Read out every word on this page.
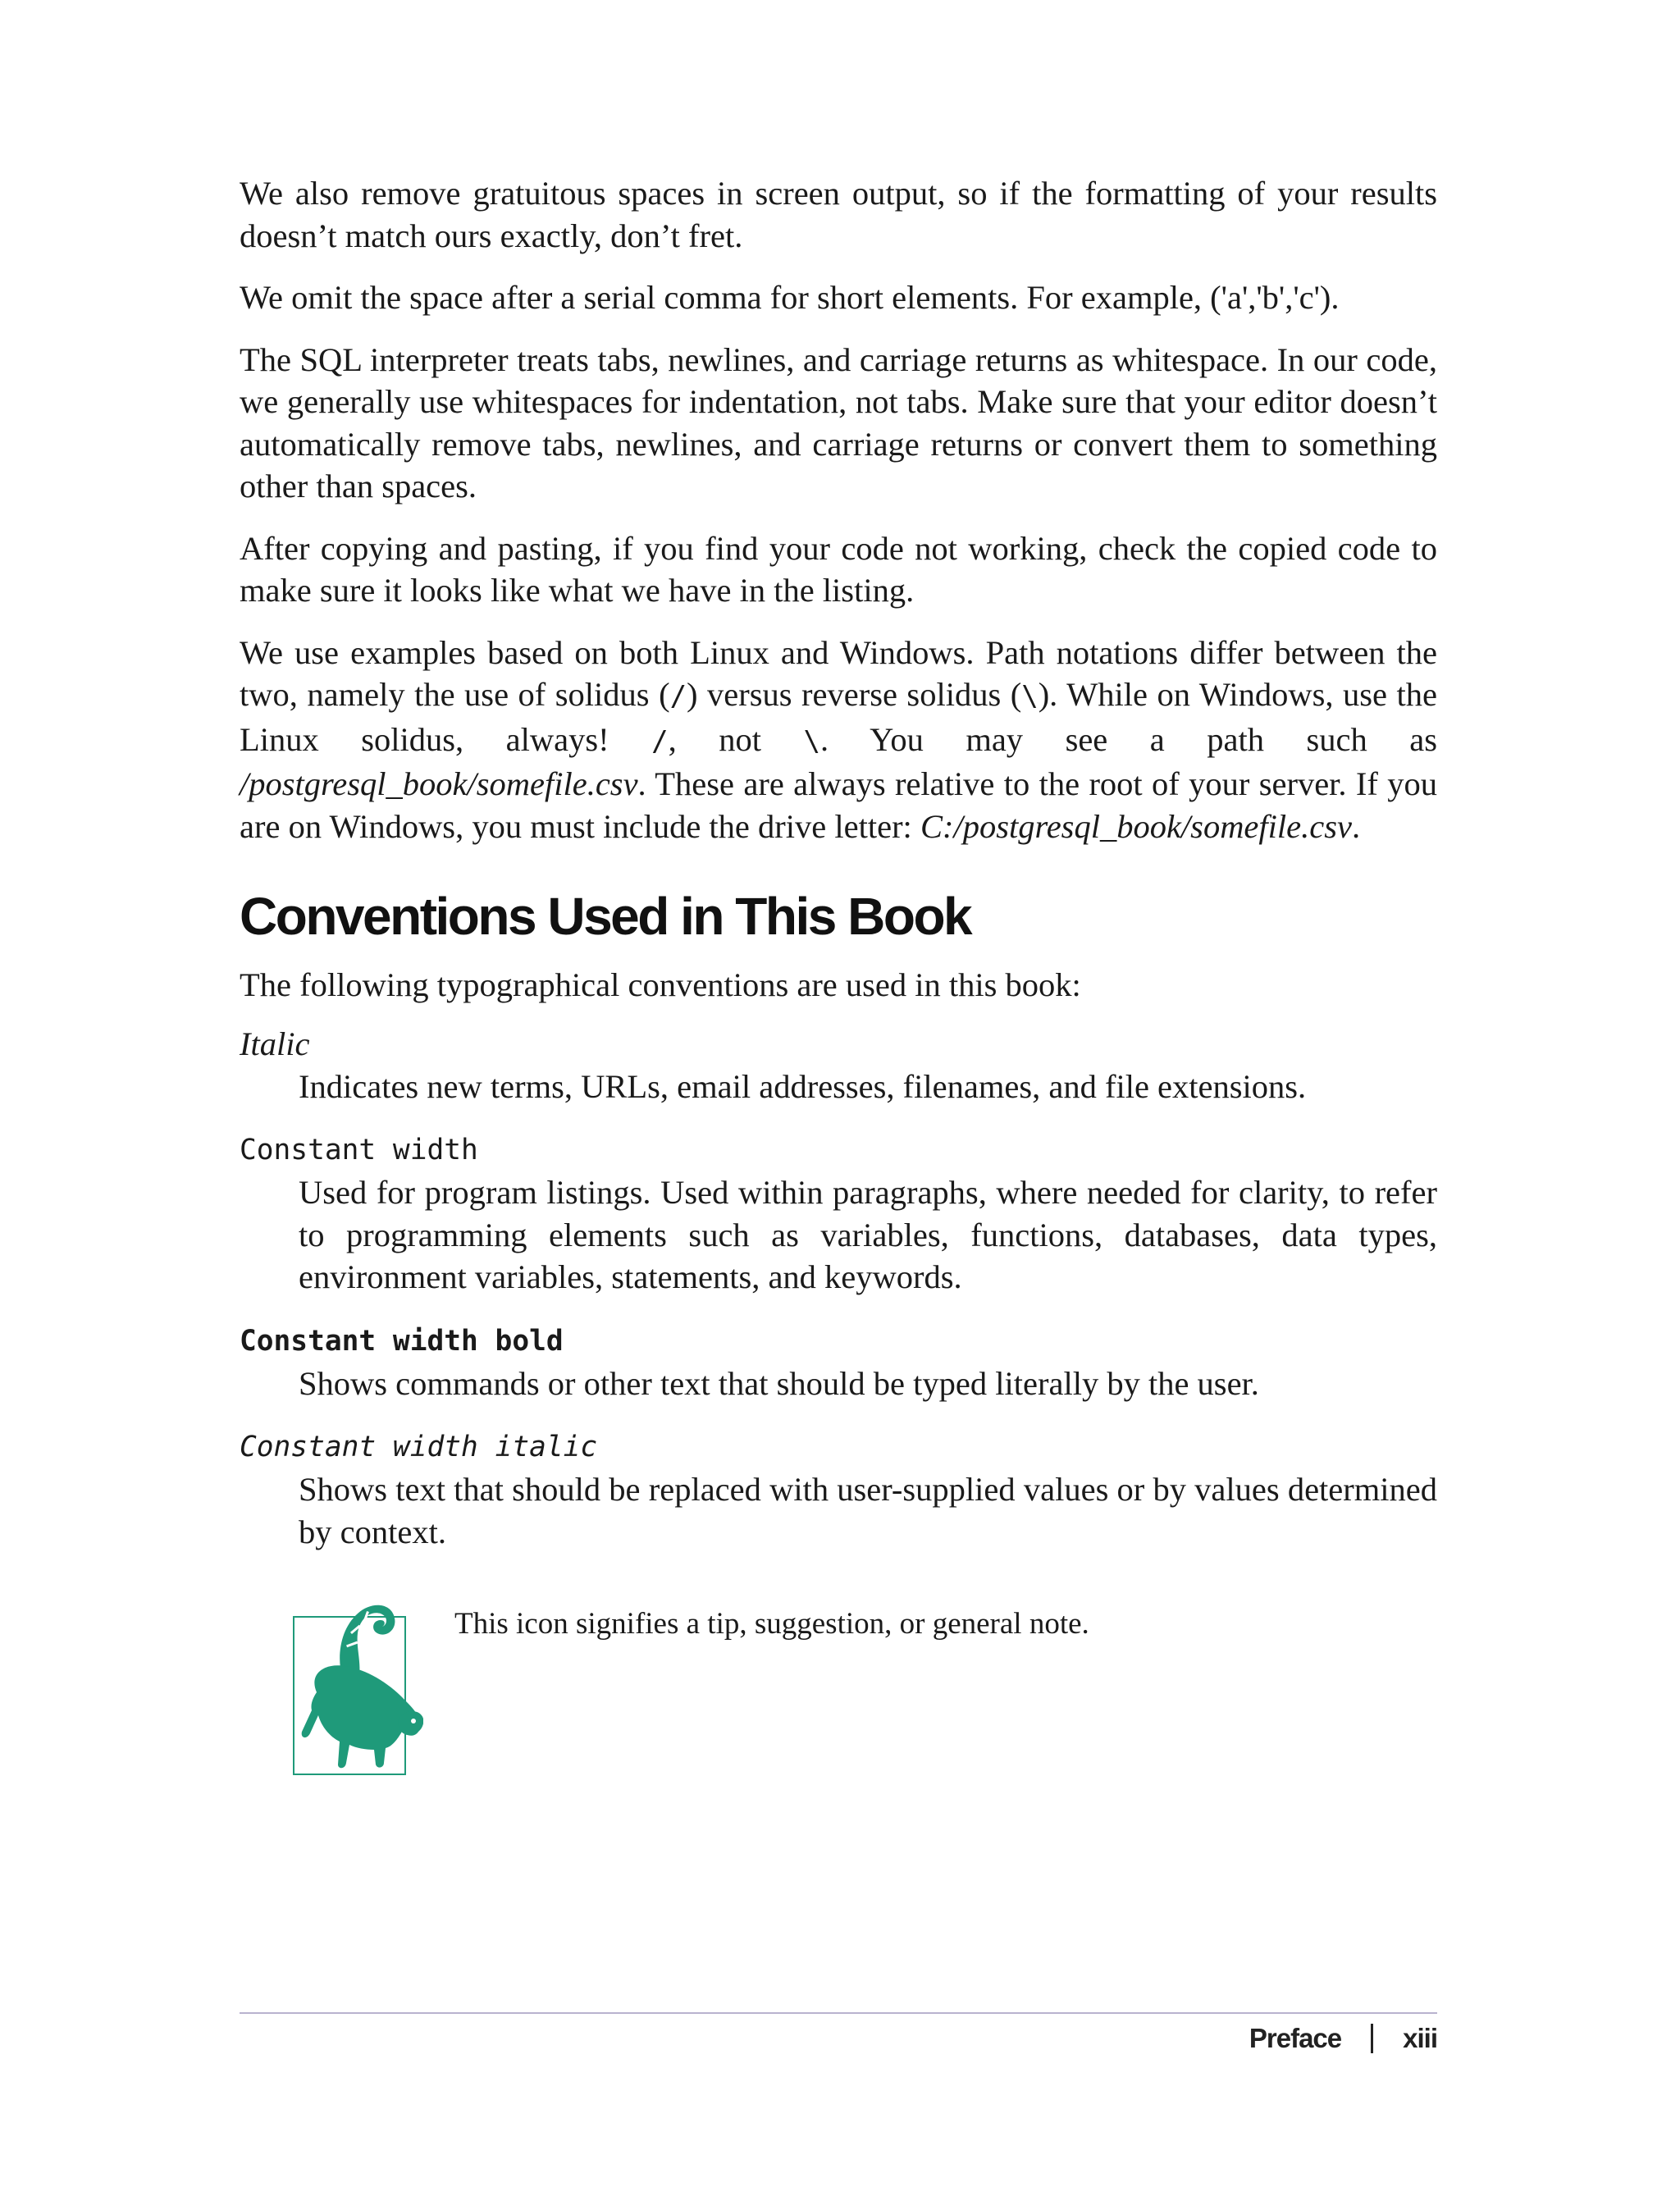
We also remove gratuitous spaces in screen output, so if the formatting of your results doesn’t match ours exactly, don’t fret.

We omit the space after a serial comma for short elements. For example, ('a','b','c').

The SQL interpreter treats tabs, newlines, and carriage returns as whitespace. In our code, we generally use whitespaces for indentation, not tabs. Make sure that your editor doesn’t automatically remove tabs, newlines, and carriage returns or convert them to something other than spaces.

After copying and pasting, if you find your code not working, check the copied code to make sure it looks like what we have in the listing.

We use examples based on both Linux and Windows. Path notations differ between the two, namely the use of solidus (/) versus reverse solidus (\). While on Windows, use the Linux solidus, always! /, not \. You may see a path such as /postgresql_book/somefile.csv. These are always relative to the root of your server. If you are on Windows, you must include the drive letter: C:/postgresql_book/somefile.csv.

Conventions Used in This Book

The following typographical conventions are used in this book:

Italic
Indicates new terms, URLs, email addresses, filenames, and file extensions.
Constant width
Used for program listings. Used within paragraphs, where needed for clarity, to refer to programming elements such as variables, functions, databases, data types, environment variables, statements, and keywords.
Constant width bold
Shows commands or other text that should be typed literally by the user.
Constant width italic
Shows text that should be replaced with user-supplied values or by values determined by context.
This icon signifies a tip, suggestion, or general note.
Preface xiii
